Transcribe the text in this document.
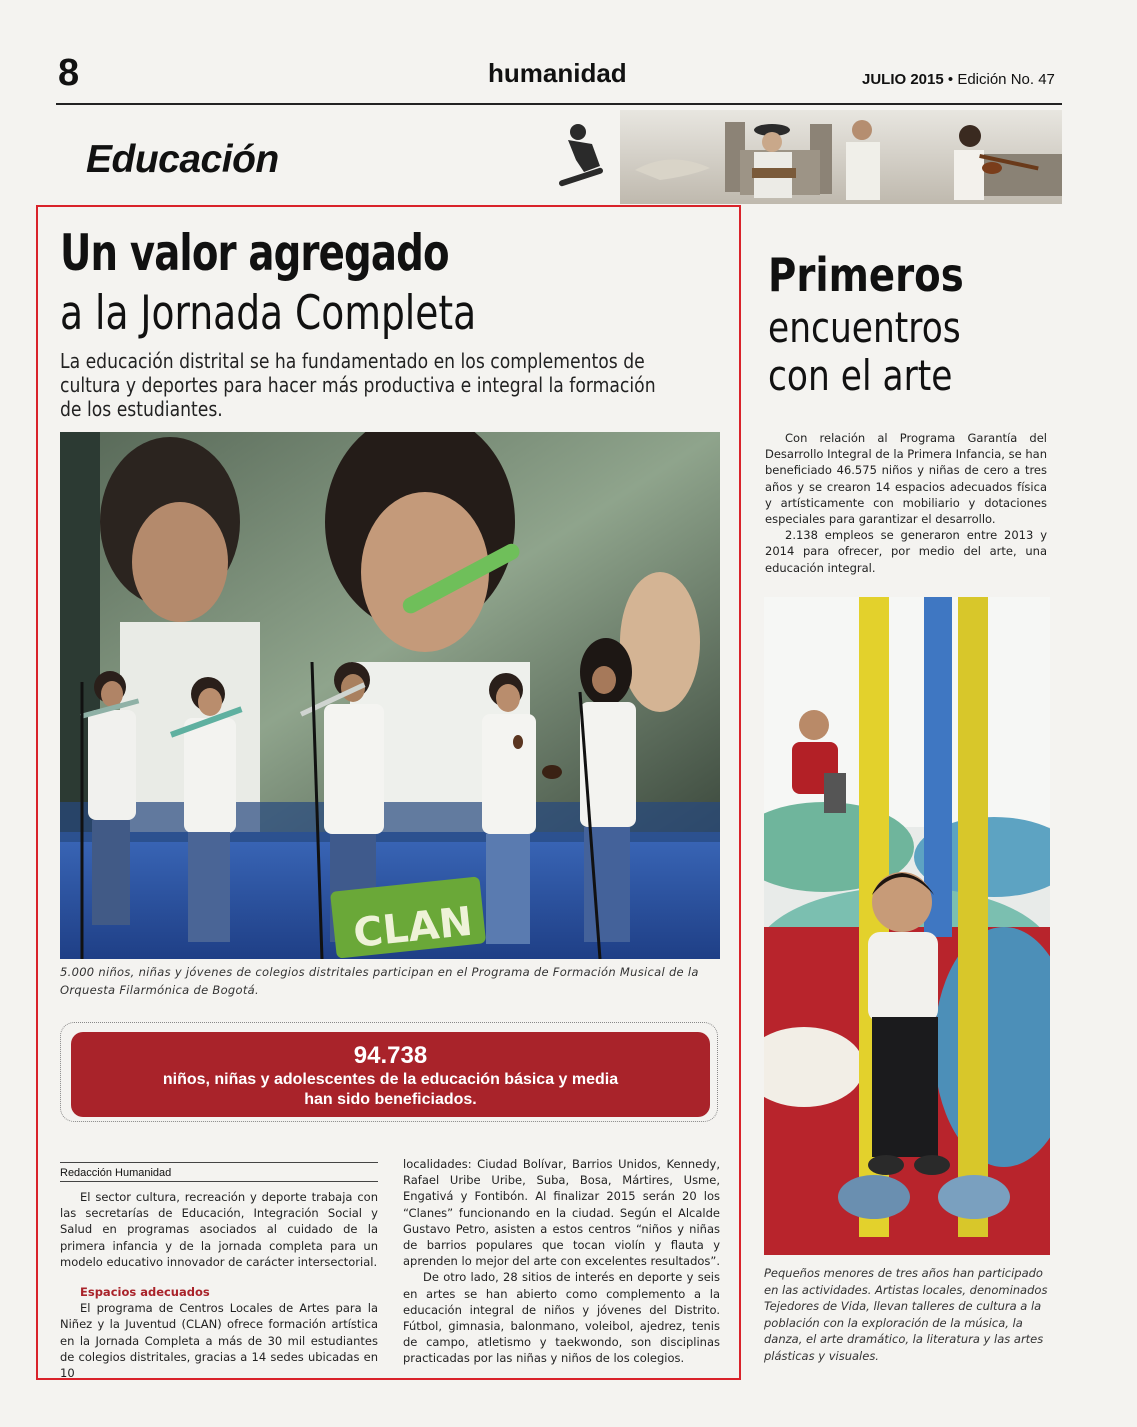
8	humanidad	JULIO 2015 • Edición No. 47
Educación
Un valor agregado
a la Jornada Completa
La educación distrital se ha fundamentado en los complementos de cultura y deportes para hacer más productiva e integral la formación de los estudiantes.
CLAN
5.000 niños, niñas y jóvenes de colegios distritales participan en el Programa de Formación Musical de la Orquesta Filarmónica de Bogotá.
94.738
niños, niñas y adolescentes de la educación básica y media han sido beneficiados.
Redacción Humanidad

El sector cultura, recreación y deporte trabaja con las secretarías de Educación, Integración Social y Salud en programas asociados al cuidado de la primera infancia y de la jornada completa para un modelo educativo innovador de carácter intersectorial.

Espacios adecuados

El programa de Centros Locales de Artes para la Niñez y la Juventud (CLAN) ofrece formación artística en la Jornada Completa a más de 30 mil estudiantes de colegios distritales, gracias a 14 sedes ubicadas en 10

localidades: Ciudad Bolívar, Barrios Unidos, Kennedy, Rafael Uribe Uribe, Suba, Bosa, Mártires, Usme, Engativá y Fontibón. Al finalizar 2015 serán 20 los “Clanes” funcionando en la ciudad. Según el Alcalde Gustavo Petro, asisten a estos centros “niños y niñas de barrios populares que tocan violín y flauta y aprenden lo mejor del arte con excelentes resultados”.

De otro lado, 28 sitios de interés en deporte y seis en artes se han abierto como complemento a la educación integral de niños y jóvenes del Distrito. Fútbol, gimnasia, balonmano, voleibol, ajedrez, tenis de campo, atletismo y taekwondo, son disciplinas practicadas por las niñas y niños de los colegios.

Primeros
encuentros con el arte

Con relación al Programa Garantía del Desarrollo Integral de la Primera Infancia, se han beneficiado 46.575 niños y niñas de cero a tres años y se crearon 14 espacios adecuados física y artísticamente con mobiliario y dotaciones especiales para garantizar el desarrollo.

2.138 empleos se generaron entre 2013 y 2014 para ofrecer, por medio del arte, una educación integral.

Pequeños menores de tres años han participado en las actividades. Artistas locales, denominados Tejedores de Vida, llevan talleres de cultura a la población con la exploración de la música, la danza, el arte dramático, la literatura y las artes plásticas y visuales.
